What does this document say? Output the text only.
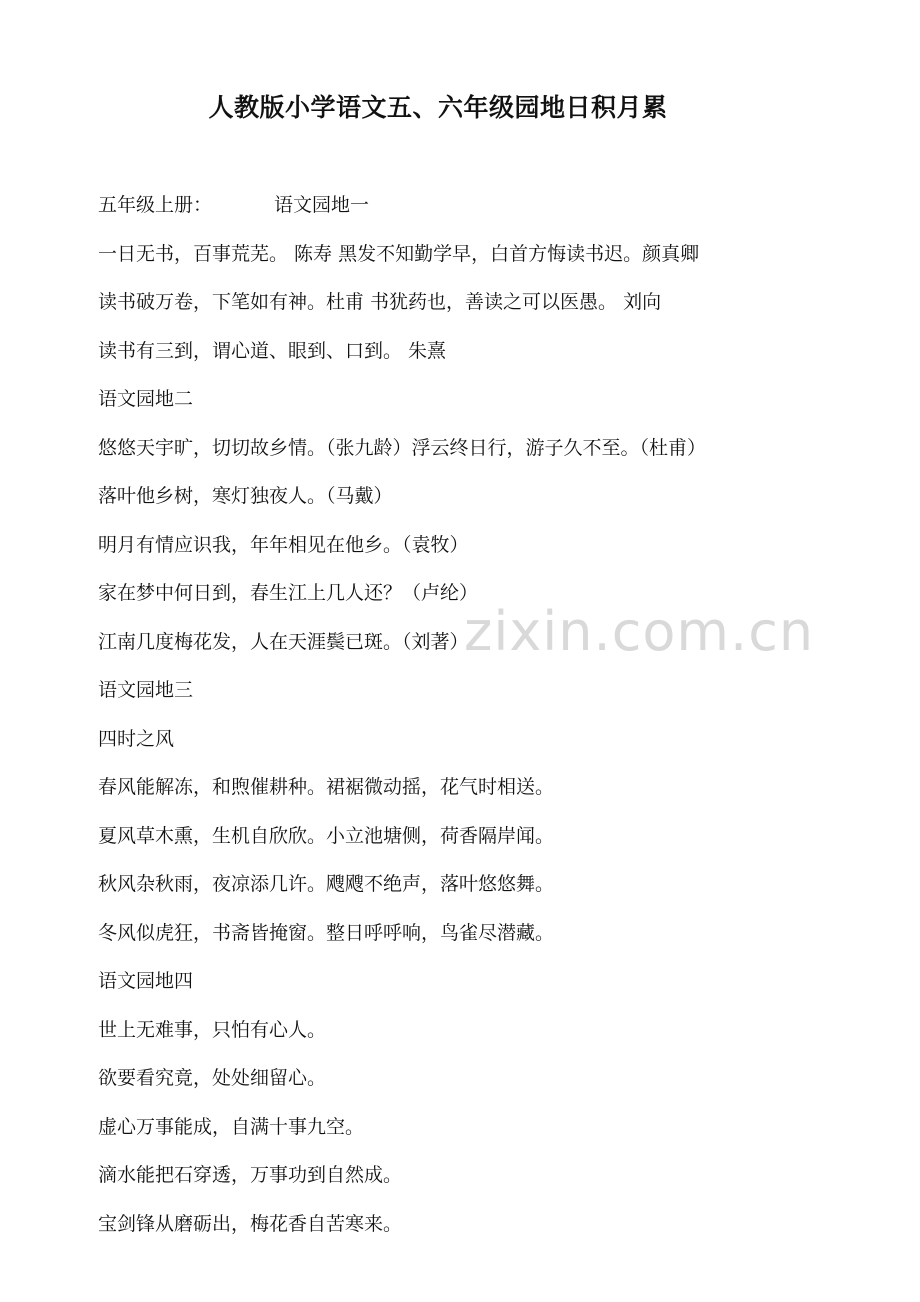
人教版小学语文五、六年级园地日积月累
五年级上册：	语文园地一
一日无书，百事荒芜。 陈寿 黑发不知勤学早，白首方悔读书迟。颜真卿
读书破万卷，下笔如有神。杜甫 书犹药也，善读之可以医愚。 刘向
读书有三到，谓心道、眼到、口到。 朱熹
语文园地二
悠悠天宇旷，切切故乡情。（张九龄）浮云终日行，游子久不至。（杜甫）
落叶他乡树，寒灯独夜人。（马戴）
明月有情应识我，年年相见在他乡。（袁牧）
家在梦中何日到，春生江上几人还？（卢纶）
江南几度梅花发，人在天涯鬓已斑。（刘著）
语文园地三
四时之风
春风能解冻，和煦催耕种。裙裾微动摇，花气时相送。
夏风草木熏，生机自欣欣。小立池塘侧，荷香隔岸闻。
秋风杂秋雨，夜凉添几许。飕飕不绝声，落叶悠悠舞。
冬风似虎狂，书斋皆掩窗。整日呼呼响，鸟雀尽潜藏。
语文园地四
世上无难事，只怕有心人。
欲要看究竟，处处细留心。
虚心万事能成，自满十事九空。
滴水能把石穿透，万事功到自然成。
宝剑锋从磨砺出，梅花香自苦寒来。
zixin.com.cn
